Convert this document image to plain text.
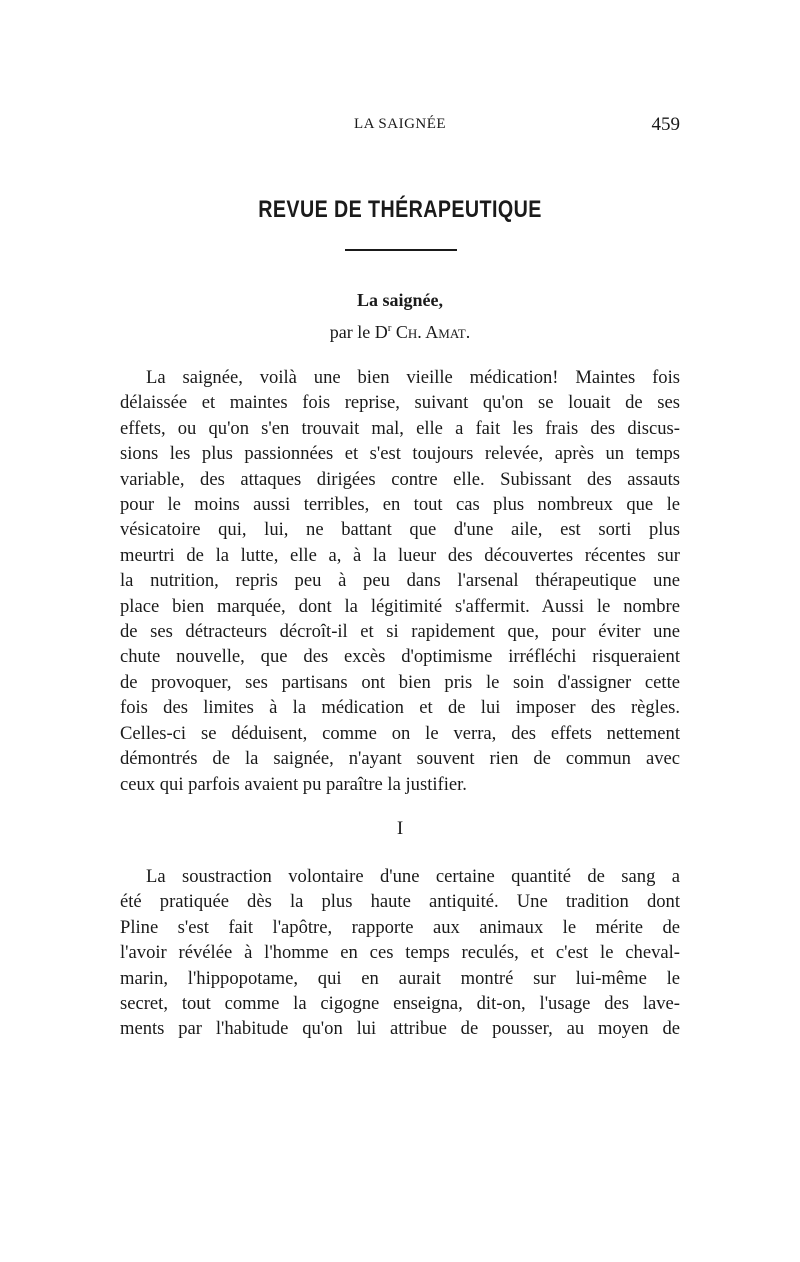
LA SAIGNÉE	459
REVUE DE THÉRAPEUTIQUE
La saignée,
par le $D^r$ Ch. Amat.
La saignée, voilà une bien vieille médication! Maintes fois
délaissée et maintes fois reprise, suivant qu'on se louait de ses
effets, ou qu'on s'en trouvait mal, elle a fait les frais des discus-
sions les plus passionnées et s'est toujours relevée, après un temps
variable, des attaques dirigées contre elle. Subissant des assauts
pour le moins aussi terribles, en tout cas plus nombreux que le
vésicatoire qui, lui, ne battant que d'une aile, est sorti plus
meurtri de la lutte, elle a, à la lueur des découvertes récentes sur
la nutrition, repris peu à peu dans l'arsenal thérapeutique une
place bien marquée, dont la légitimité s'affermit. Aussi le nombre
de ses détracteurs décroît-il et si rapidement que, pour éviter une
chute nouvelle, que des excès d'optimisme irréfléchi risqueraient
de provoquer, ses partisans ont bien pris le soin d'assigner cette
fois des limites à la médication et de lui imposer des règles.
Celles-ci se déduisent, comme on le verra, des effets nettement
démontrés de la saignée, n'ayant souvent rien de commun avec
ceux qui parfois avaient pu paraître la justifier.
I
La soustraction volontaire d'une certaine quantité de sang a
été pratiquée dès la plus haute antiquité. Une tradition dont
Pline s'est fait l'apôtre, rapporte aux animaux le mérite de
l'avoir révélée à l'homme en ces temps reculés, et c'est le cheval-
marin, l'hippopotame, qui en aurait montré sur lui-même le
secret, tout comme la cigogne enseigna, dit-on, l'usage des lave-
ments par l'habitude qu'on lui attribue de pousser, au moyen de
